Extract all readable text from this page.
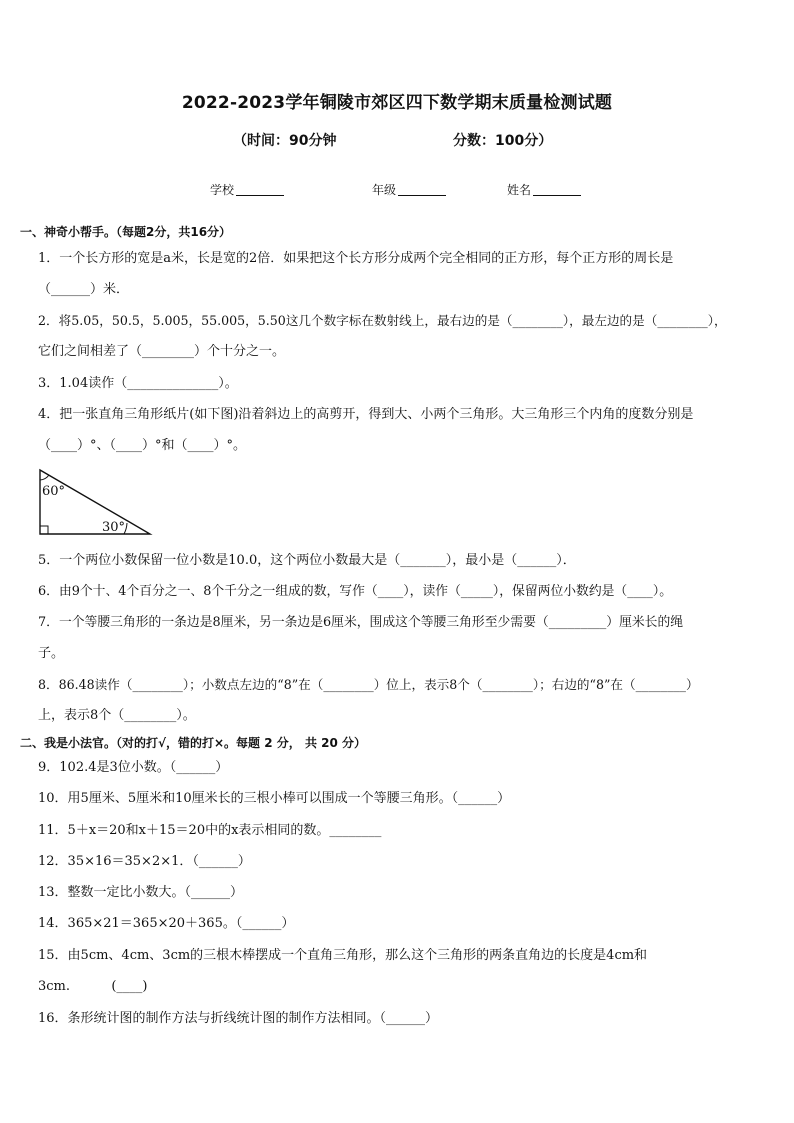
2022-2023学年铜陵市郊区四下数学期末质量检测试题
（时间：90分钟	分数：100分）
学校	年级	姓名
一、神奇小帮手。（每题2分，共16分）
1．一个长方形的宽是a米，长是宽的2倍．如果把这个长方形分成两个完全相同的正方形，每个正方形的周长是
（______）米．
2．将5.05，50.5，5.005，55.005，5.50这几个数字标在数射线上，最右边的是（________），最左边的是（________），
它们之间相差了（________）个十分之一。
3．1.04读作（______________）。
4．把一张直角三角形纸片(如下图)沿着斜边上的高剪开，得到大、小两个三角形。大三角形三个内角的度数分别是
（____）°、（____）°和（____）°。
60°
30°
5．一个两位小数保留一位小数是10.0，这个两位小数最大是（_______），最小是（______）．
6．由9个十、4个百分之一、8个千分之一组成的数，写作（____），读作（_____），保留两位小数约是（____）。
7．一个等腰三角形的一条边是8厘米，另一条边是6厘米，围成这个等腰三角形至少需要（_________）厘米长的绳
子。
8．86.48读作（________）；小数点左边的“8”在（________）位上，表示8个（________）；右边的“8”在（________）
上，表示8个（________）。
二、我是小法官。（对的打√，错的打×。每题 2 分， 共 20 分）
9．102.4是3位小数。（______）
10．用5厘米、5厘米和10厘米长的三根小棒可以围成一个等腰三角形。（______）
11．5＋x＝20和x＋15＝20中的x表示相同的数。________
12．35×16＝35×2×1．（______）
13．整数一定比小数大。（______）
14．365×21＝365×20＋365。（______）
15．由5cm、4cm、3cm的三根木棒摆成一个直角三角形，那么这个三角形的两条直角边的长度是4cm和
3cm.          (____)
16．条形统计图的制作方法与折线统计图的制作方法相同。（______）
